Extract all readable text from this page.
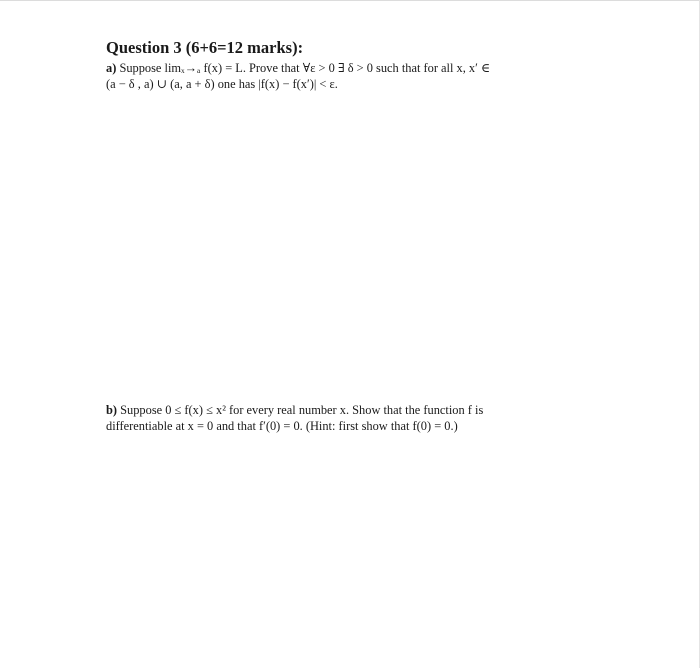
Question 3 (6+6=12 marks):
a) Suppose limₓ→ₐ f(x) = L. Prove that ∀ε > 0 ∃ δ > 0 such that for all x, x′ ∈
(a − δ , a) ∪ (a, a + δ) one has |f(x) − f(x′)| < ε.
b) Suppose 0 ≤ f(x) ≤ x² for every real number x. Show that the function f is
differentiable at x = 0 and that f′(0) = 0. (Hint: first show that f(0) = 0.)
